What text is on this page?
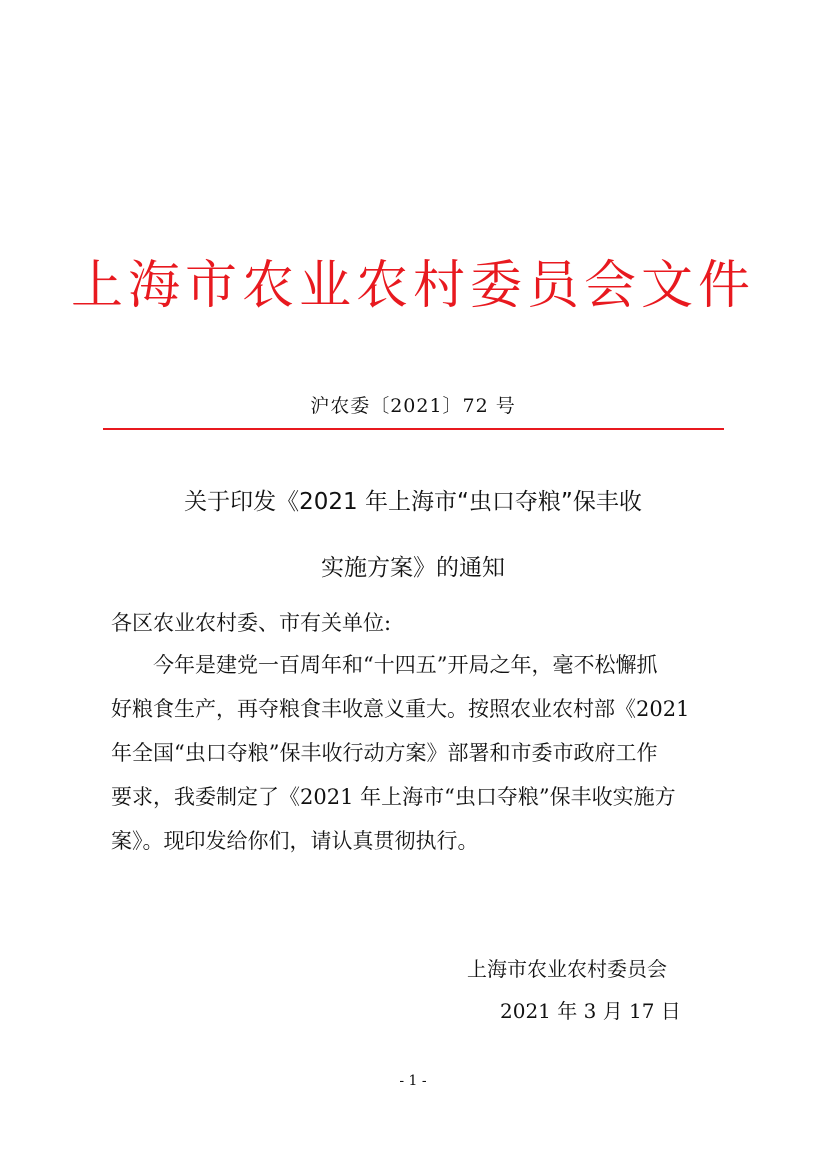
上海市农业农村委员会文件
沪农委〔2021〕72 号
关于印发《2021 年上海市“虫口夺粮”保丰收
实施方案》的通知
各区农业农村委、市有关单位:
今年是建党一百周年和“十四五”开局之年，毫不松懈抓
好粮食生产，再夺粮食丰收意义重大。按照农业农村部《2021
年全国“虫口夺粮”保丰收行动方案》部署和市委市政府工作
要求，我委制定了《2021 年上海市“虫口夺粮”保丰收实施方
案》。现印发给你们，请认真贯彻执行。
上海市农业农村委员会
2021 年 3 月 17 日
- 1 -
